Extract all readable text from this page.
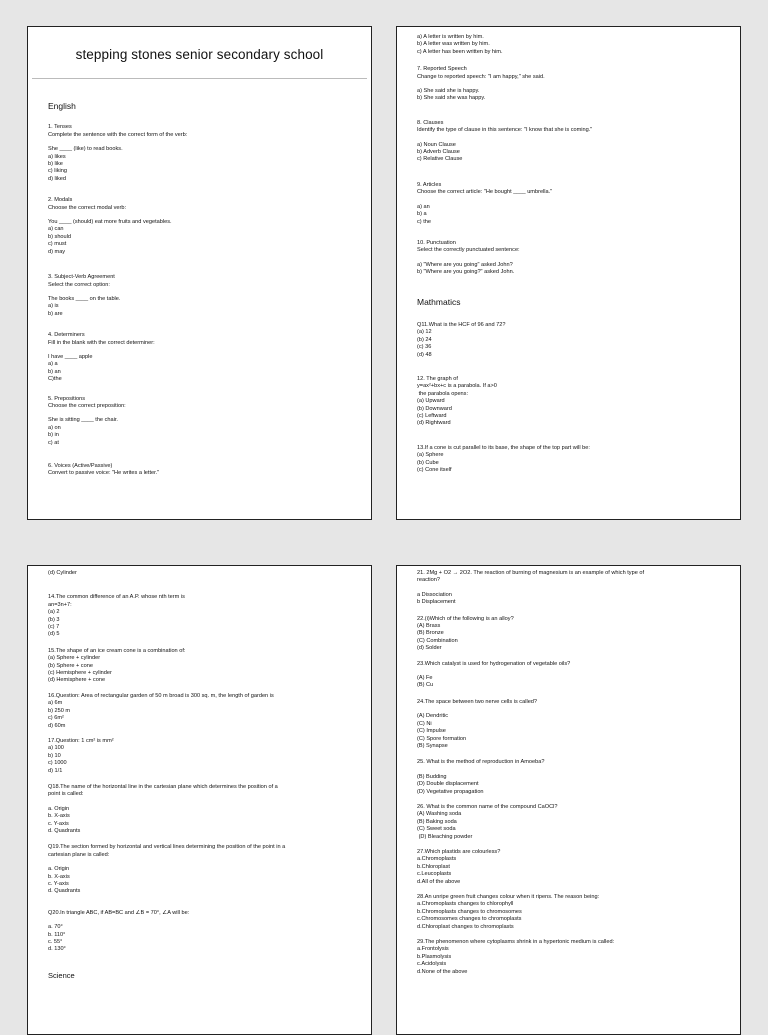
stepping stones senior secondary school
English
1. Tenses
Complete the sentence with the correct form of the verb:
She ____ (like) to read books.
a) likes
b) like
c) liking
d) liked
2. Modals
Choose the correct modal verb:
You ____ (should) eat more fruits and vegetables.
a) can
b) should
c) must
d) may
3. Subject-Verb Agreement
Select the correct option:
The books ____ on the table.
a) is
b) are
4. Determiners
Fill in the blank with the correct determiner:
I have ____ apple
a) a
b) an
C)the
5. Prepositions
Choose the correct preposition:
She is sitting ____ the chair.
a) on
b) in
c) at
6. Voices (Active/Passive)
Convert to passive voice: "He writes a letter."
a) A letter is written by him.
b) A letter was written by him.
c) A letter has been written by him.
7. Reported Speech
Change to reported speech: "I am happy," she said.
a) She said she is happy.
b) She said she was happy.
8. Clauses
Identify the type of clause in this sentence: "I know that she is coming."
a) Noun Clause
b) Adverb Clause
c) Relative Clause
9. Articles
Choose the correct article: "He bought ____ umbrella."
a) an
b) a
c) the
10. Punctuation
Select the correctly punctuated sentence:
a) "Where are you going" asked John?
b) "Where are you going?" asked John.
Mathmatics
Q11.What is the HCF of 96 and 72?
(a) 12
(b) 24
(c) 36
(d) 48
12. The graph of
y=ax²+bx+c is a parabola. If a>0
the parabola opens:
(a) Upward
(b) Downward
(c) Leftward
(d) Rightward
13.If a cone is cut parallel to its base, the shape of the top part will be:
(a) Sphere
(b) Cube
(c) Cone itself
(d) Cylinder
14.The common difference of an A.P. whose nth term is
an=3n+7:
(a) 2
(b) 3
(c) 7
(d) 5
15.The shape of an ice cream cone is a combination of:
(a) Sphere + cylinder
(b) Sphere + cone
(c) Hemisphere + cylinder
(d) Hemisphere + cone
16.Question: Area of rectangular garden of 50 m broad is 300 sq. m, the length of garden is
a) 6m
b) 250 m
c) 6m²
d) 60m
17.Question: 1 cm² is mm²
a) 100
b) 10
c) 1000
d) 1/1
Q18.The name of the horizontal line in the cartesian plane which determines the position of a
point is called:
a. Origin
b. X-axis
c. Y-axis
d. Quadrants
Q19.The section formed by horizontal and vertical lines determining the position of the point in a
cartesian plane is called:
a. Origin
b. X-axis
c. Y-axis
d. Quadrants
Q20.In triangle ABC, if AB=BC and ∠B = 70°, ∠A will be:
a. 70°
b. 110°
c. 55°
d. 130°
Science
21. 2Mg + O2 → 2O2. The reaction of burning of magnesium is an example of which type of
reaction?
a Dissociation
b Displacement
22.(i)Which of the following is an alloy?
(A) Brass
(B) Bronze
(C) Combination
(d) Solder
23.Which catalyst is used for hydrogenation of vegetable oils?
(A) Fe
(B) Cu
24.The space between two nerve cells is called?
(A) Dendritic
(C) Ni
(C) Impulse
(C) Spore formation
(B) Synapse
25. What is the method of reproduction in Amoeba?
(B) Budding
(D) Double displacement
(D) Vegetative propagation
26. What is the common name of the compound CaOCl?
(A) Washing soda
(B) Baking soda
(C) Sweet soda
(D) Bleaching powder
27.Which plastids are colourless?
a.Chromoplasts
b.Chloroplast
c.Leucoplasts
d.All of the above
28.An unripe green fruit changes colour when it ripens. The reason being:
a.Chromoplasts changes to chlorophyll
b.Chromoplasts changes to chromosomes
c.Chromosomes changes to chromoplasts
d.Chloroplast changes to chromoplasts
29.The phenomenon where cytoplasms shrink in a hypertonic medium is called:
a.Frontolysis
b.Plasmolysis
c.Acidolysis
d.None of the above
